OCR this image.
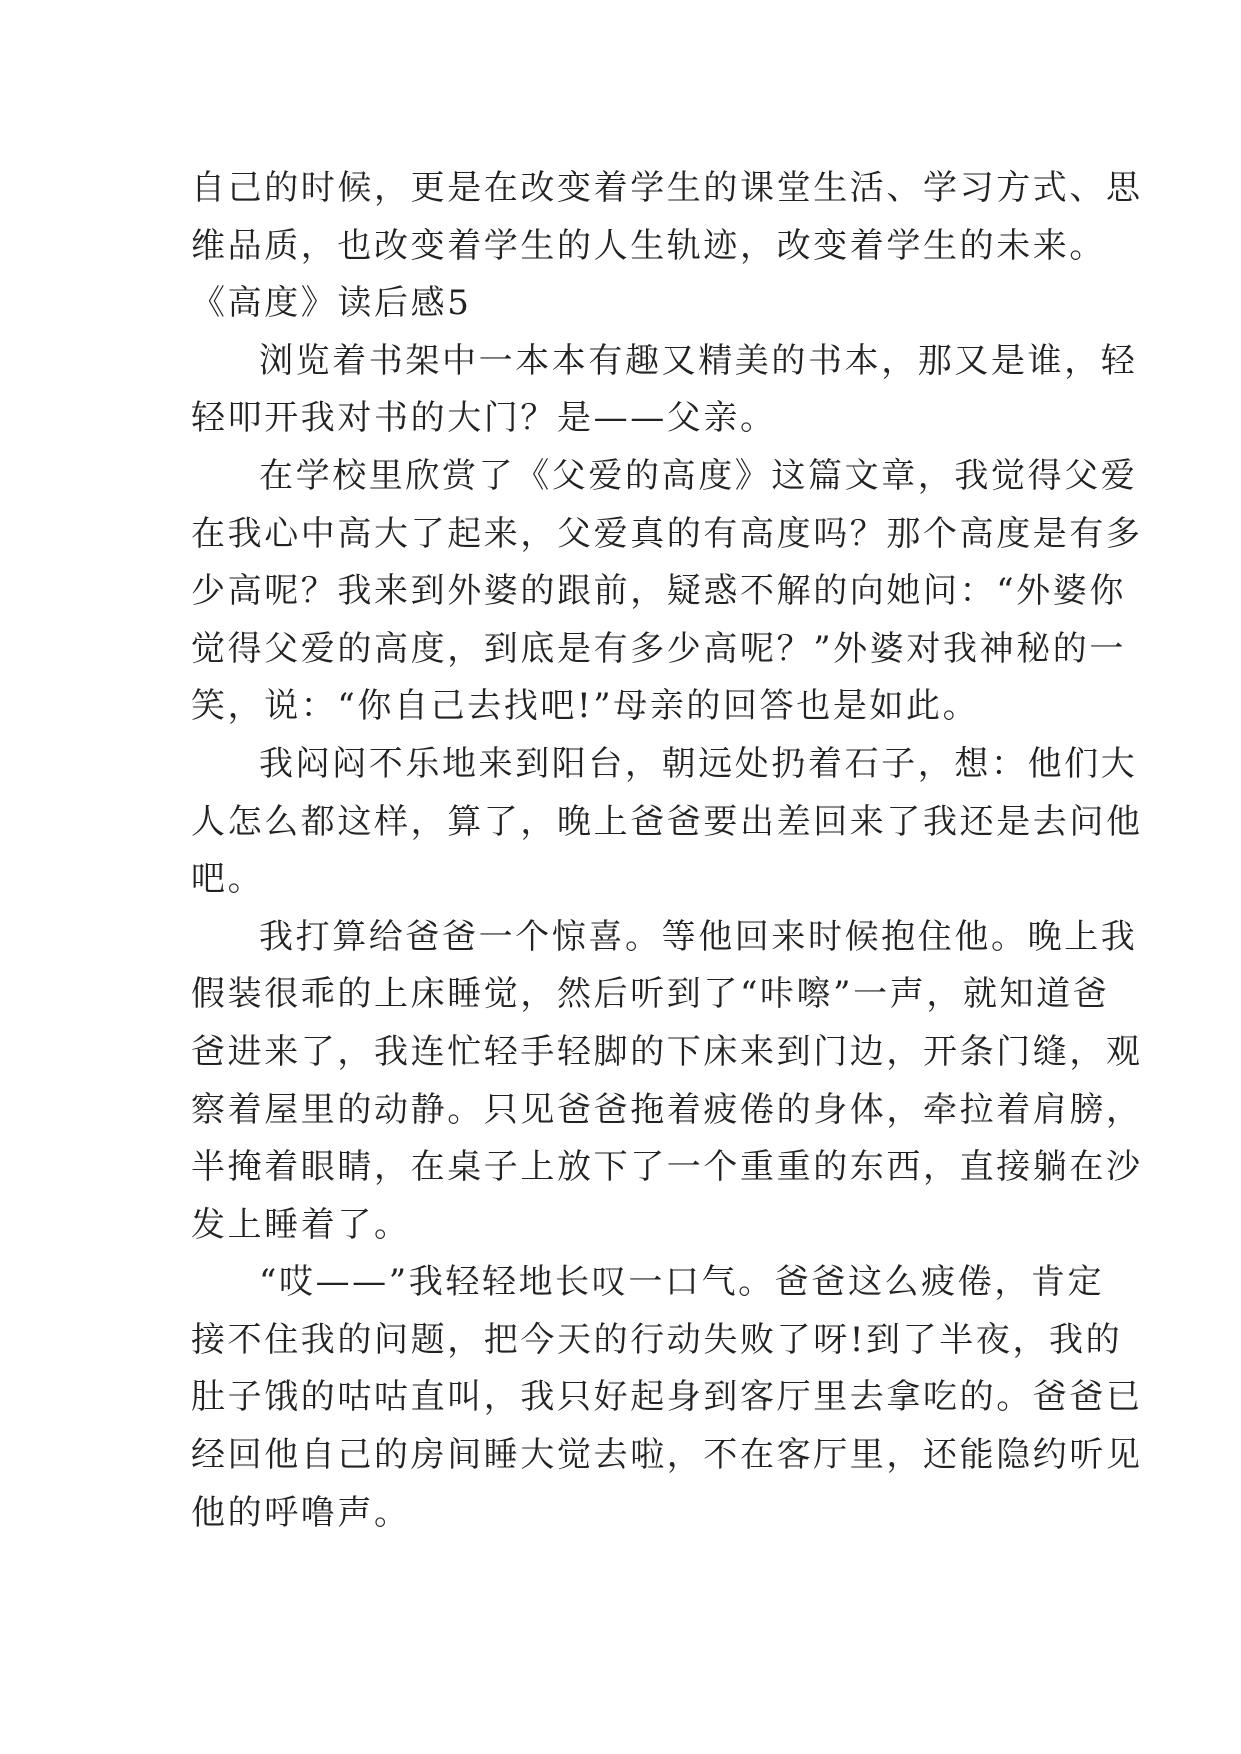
自己的时候，更是在改变着学生的课堂生活、学习方式、思
维品质，也改变着学生的人生轨迹，改变着学生的未来。
《高度》读后感5
浏览着书架中一本本有趣又精美的书本，那又是谁，轻
轻叩开我对书的大门？是——父亲。
在学校里欣赏了《父爱的高度》这篇文章，我觉得父爱
在我心中高大了起来，父爱真的有高度吗？那个高度是有多
少高呢？我来到外婆的跟前，疑惑不解的向她问：“外婆你
觉得父爱的高度，到底是有多少高呢？”外婆对我神秘的一
笑，说：“你自己去找吧!”母亲的回答也是如此。
我闷闷不乐地来到阳台，朝远处扔着石子，想：他们大
人怎么都这样，算了，晚上爸爸要出差回来了我还是去问他
吧。
我打算给爸爸一个惊喜。等他回来时候抱住他。晚上我
假装很乖的上床睡觉，然后听到了“咔嚓”一声，就知道爸
爸进来了，我连忙轻手轻脚的下床来到门边，开条门缝，观
察着屋里的动静。只见爸爸拖着疲倦的身体，牵拉着肩膀，
半掩着眼睛，在桌子上放下了一个重重的东西，直接躺在沙
发上睡着了。
“哎——”我轻轻地长叹一口气。爸爸这么疲倦，肯定
接不住我的问题，把今天的行动失败了呀!到了半夜，我的
肚子饿的咕咕直叫，我只好起身到客厅里去拿吃的。爸爸已
经回他自己的房间睡大觉去啦，不在客厅里，还能隐约听见
他的呼噜声。
